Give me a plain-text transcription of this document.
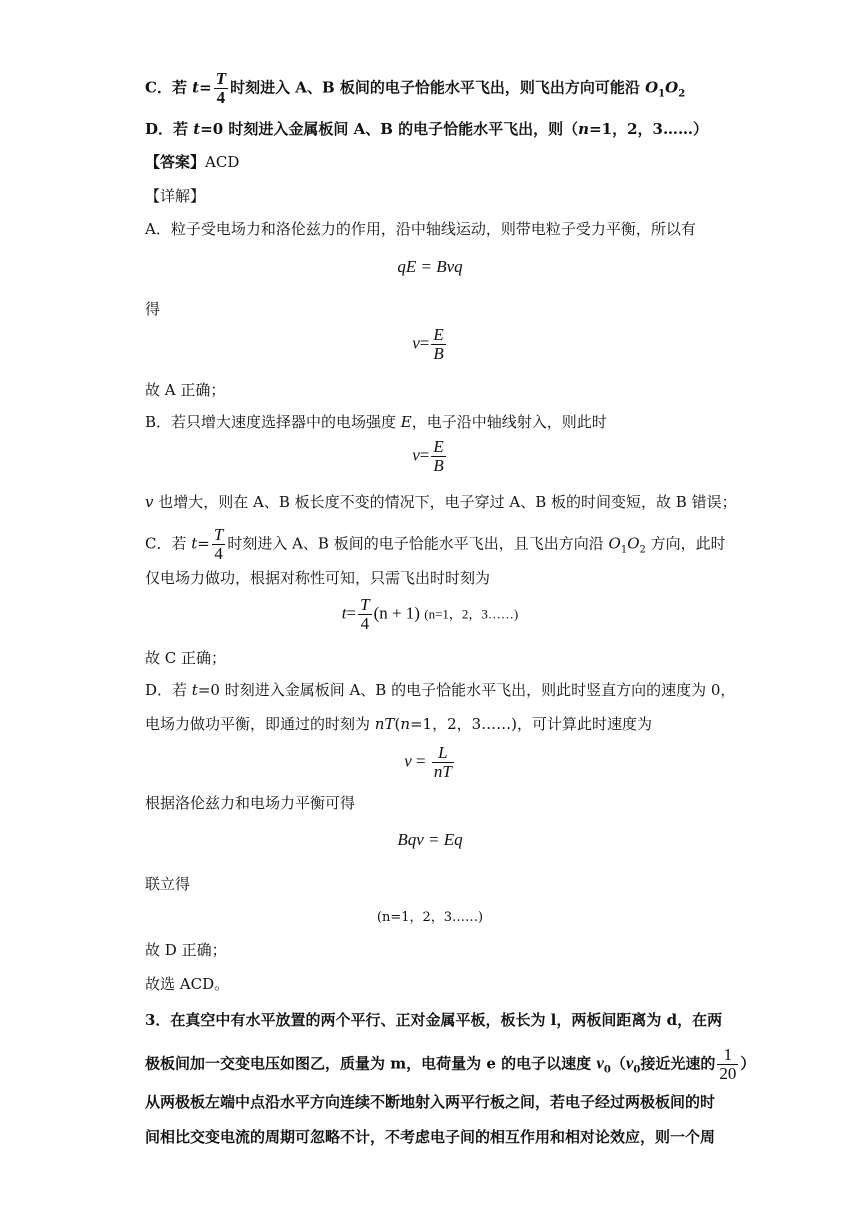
C．若 $t= \frac{T}{4}$ 时刻进入 A、B 板间的电子恰能水平飞出，则飞出方向可能沿 $O_1O_2$
D．若 t=0 时刻进入金属板间 A、B 的电子恰能水平飞出，则（n=1，2，3……）
【答案】ACD
【详解】
A．粒子受电场力和洛伦兹力的作用，沿中轴线运动，则带电粒子受力平衡，所以有
qE = Bvq
得
$v= \frac{E}{B}$
故 A 正确；
B．若只增大速度选择器中的电场强度 E，电子沿中轴线射入，则此时
$v= \frac{E}{B}$
v 也增大，则在 A、B 板长度不变的情况下，电子穿过 A、B 板的时间变短，故 B 错误；
C．若 $t= \frac{T}{4}$ 时刻进入 A、B 板间的电子恰能水平飞出，且飞出方向沿 $O_1O_2$ 方向，此时
仅电场力做功，根据对称性可知，只需飞出时时刻为
$t= \frac{T}{4} (n + 1)$ (n=1，2，3……)
故 C 正确；
D．若 t=0 时刻进入金属板间 A、B 的电子恰能水平飞出，则此时竖直方向的速度为 0，
电场力做功平衡，即通过的时刻为 nT(n=1，2，3……)，可计算此时速度为
$v = \frac{L}{nT}$
根据洛伦兹力和电场力平衡可得
Bqv = Eq
联立得
(n=1，2，3……)
故 D 正确；
故选 ACD。
3．在真空中有水平放置的两个平行、正对金属平板，板长为 l，两板间距离为 d，在两
极板间加一交变电压如图乙，质量为 m，电荷量为 e 的电子以速度 $v_0(v_0$接近光速的 $\frac{1}{20}$ ）
从两极板左端中点沿水平方向连续不断地射入两平行板之间，若电子经过两极板间的时
间相比交变电流的周期可忽略不计，不考虑电子间的相互作用和相对论效应，则一个周
